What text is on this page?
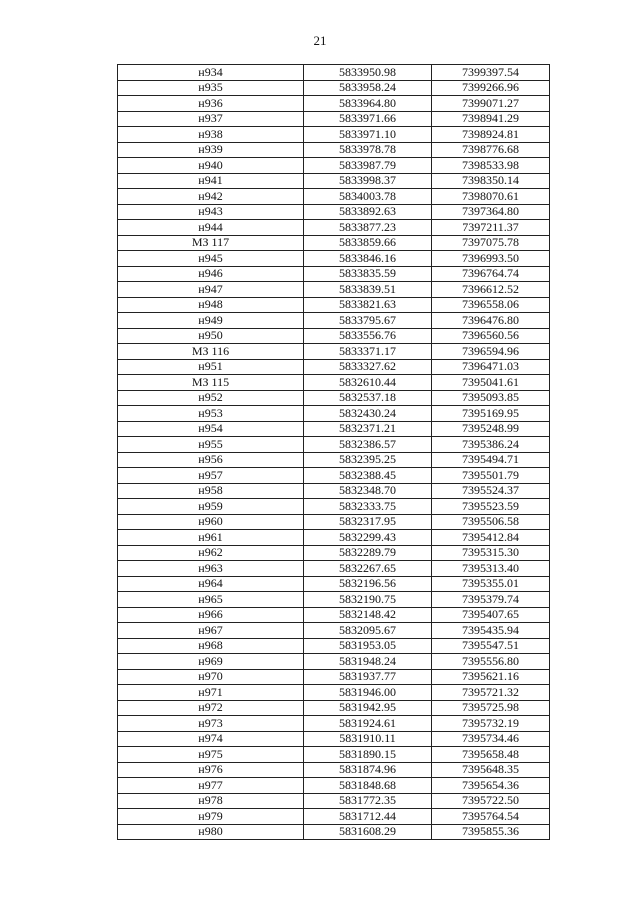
21
н934	5833950.98	7399397.54
н935	5833958.24	7399266.96
н936	5833964.80	7399071.27
н937	5833971.66	7398941.29
н938	5833971.10	7398924.81
н939	5833978.78	7398776.68
н940	5833987.79	7398533.98
н941	5833998.37	7398350.14
н942	5834003.78	7398070.61
н943	5833892.63	7397364.80
н944	5833877.23	7397211.37
МЗ 117	5833859.66	7397075.78
н945	5833846.16	7396993.50
н946	5833835.59	7396764.74
н947	5833839.51	7396612.52
н948	5833821.63	7396558.06
н949	5833795.67	7396476.80
н950	5833556.76	7396560.56
МЗ 116	5833371.17	7396594.96
н951	5833327.62	7396471.03
МЗ 115	5832610.44	7395041.61
н952	5832537.18	7395093.85
н953	5832430.24	7395169.95
н954	5832371.21	7395248.99
н955	5832386.57	7395386.24
н956	5832395.25	7395494.71
н957	5832388.45	7395501.79
н958	5832348.70	7395524.37
н959	5832333.75	7395523.59
н960	5832317.95	7395506.58
н961	5832299.43	7395412.84
н962	5832289.79	7395315.30
н963	5832267.65	7395313.40
н964	5832196.56	7395355.01
н965	5832190.75	7395379.74
н966	5832148.42	7395407.65
н967	5832095.67	7395435.94
н968	5831953.05	7395547.51
н969	5831948.24	7395556.80
н970	5831937.77	7395621.16
н971	5831946.00	7395721.32
н972	5831942.95	7395725.98
н973	5831924.61	7395732.19
н974	5831910.11	7395734.46
н975	5831890.15	7395658.48
н976	5831874.96	7395648.35
н977	5831848.68	7395654.36
н978	5831772.35	7395722.50
н979	5831712.44	7395764.54
н980	5831608.29	7395855.36
